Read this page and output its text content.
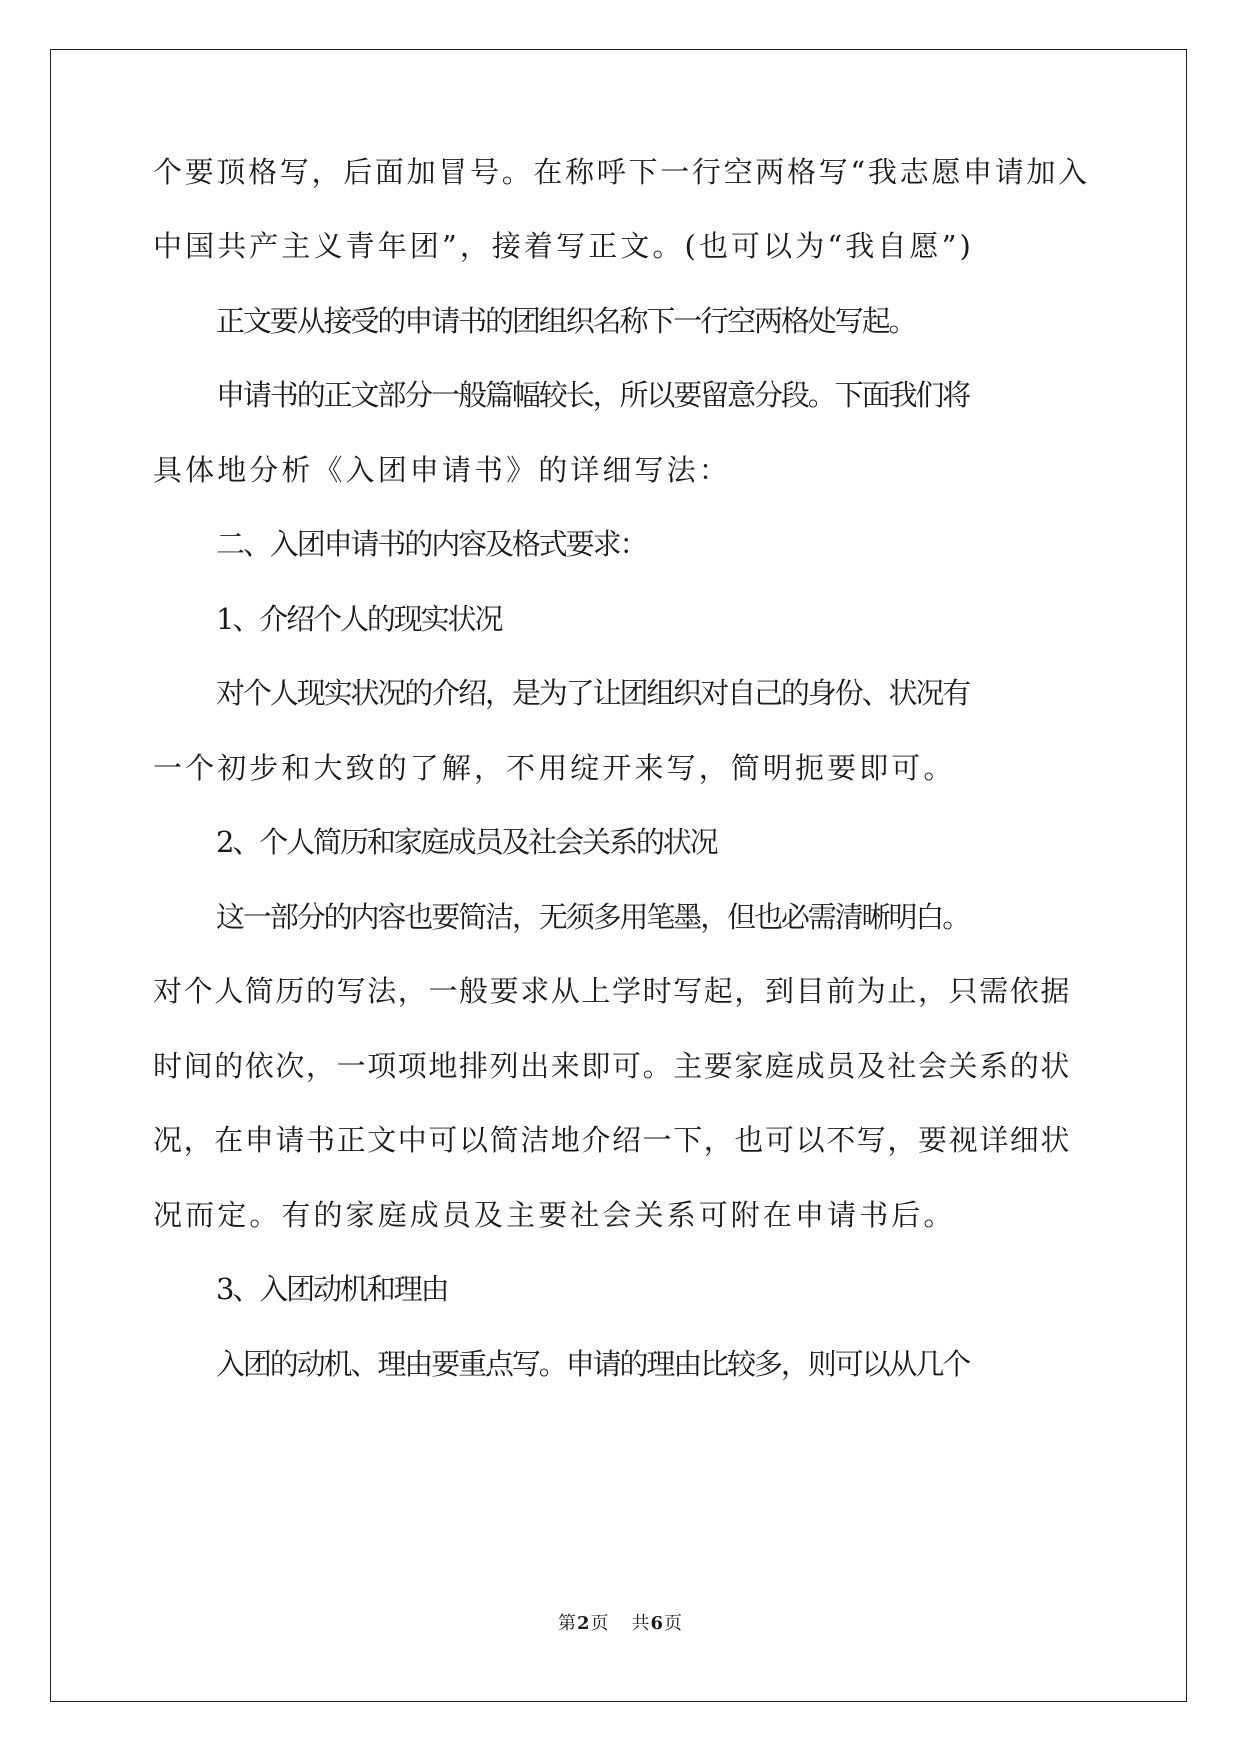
个要顶格写，后面加冒号。在称呼下一行空两格写“我志愿申请加入
中国共产主义青年团”，接着写正文。(也可以为“我自愿”)
正文要从接受的申请书的团组织名称下一行空两格处写起。
申请书的正文部分一般篇幅较长，所以要留意分段。下面我们将
具体地分析《入团申请书》的详细写法：
二、入团申请书的内容及格式要求：
1、介绍个人的现实状况
对个人现实状况的介绍，是为了让团组织对自己的身份、状况有
一个初步和大致的了解，不用绽开来写，简明扼要即可。
2、个人简历和家庭成员及社会关系的状况
这一部分的内容也要简洁，无须多用笔墨，但也必需清晰明白。
对个人简历的写法，一般要求从上学时写起，到目前为止，只需依据
时间的依次，一项项地排列出来即可。主要家庭成员及社会关系的状
况，在申请书正文中可以简洁地介绍一下，也可以不写，要视详细状
况而定。有的家庭成员及主要社会关系可附在申请书后。
3、入团动机和理由
入团的动机、理由要重点写。申请的理由比较多，则可以从几个
第2页 共6页
